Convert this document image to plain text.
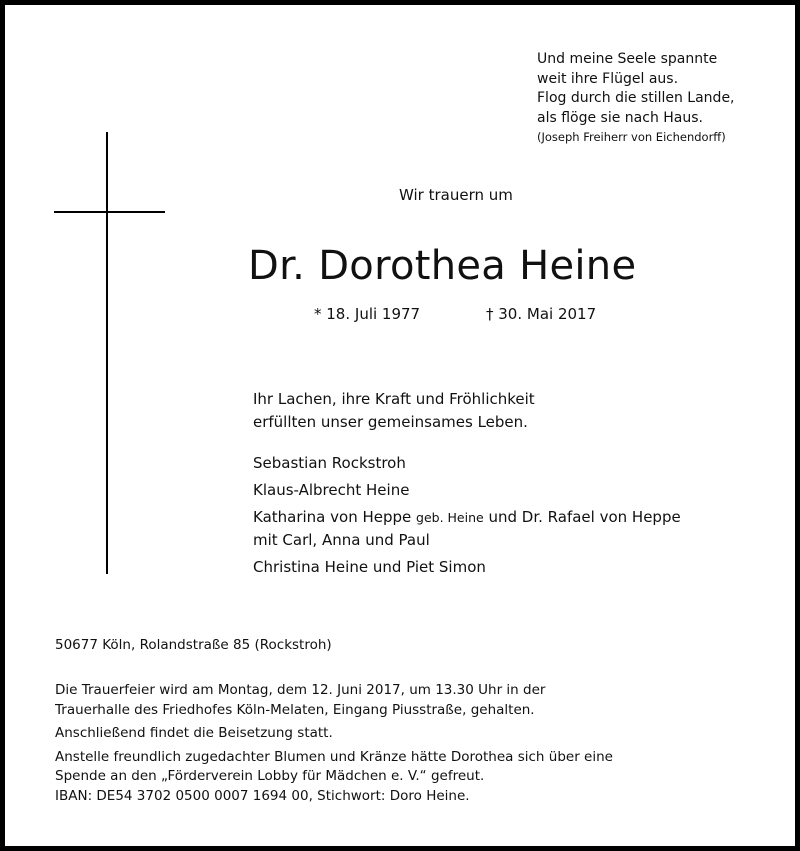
Und meine Seele spannte
weit ihre Flügel aus.
Flog durch die stillen Lande,
als flöge sie nach Haus.
(Joseph Freiherr von Eichendorff)
Wir trauern um
Dr. Dorothea Heine
* 18. Juli 1977	† 30. Mai 2017
Ihr Lachen, ihre Kraft und Fröhlichkeit
erfüllten unser gemeinsames Leben.
Sebastian Rockstroh
Klaus-Albrecht Heine
Katharina von Heppe geb. Heine und Dr. Rafael von Heppe
mit Carl, Anna und Paul
Christina Heine und Piet Simon
50677 Köln, Rolandstraße 85 (Rockstroh)
Die Trauerfeier wird am Montag, dem 12. Juni 2017, um 13.30 Uhr in der
Trauerhalle des Friedhofes Köln-Melaten, Eingang Piusstraße, gehalten.
Anschließend findet die Beisetzung statt.
Anstelle freundlich zugedachter Blumen und Kränze hätte Dorothea sich über eine
Spende an den „Förderverein Lobby für Mädchen e. V.“ gefreut.
IBAN: DE54 3702 0500 0007 1694 00, Stichwort: Doro Heine.
